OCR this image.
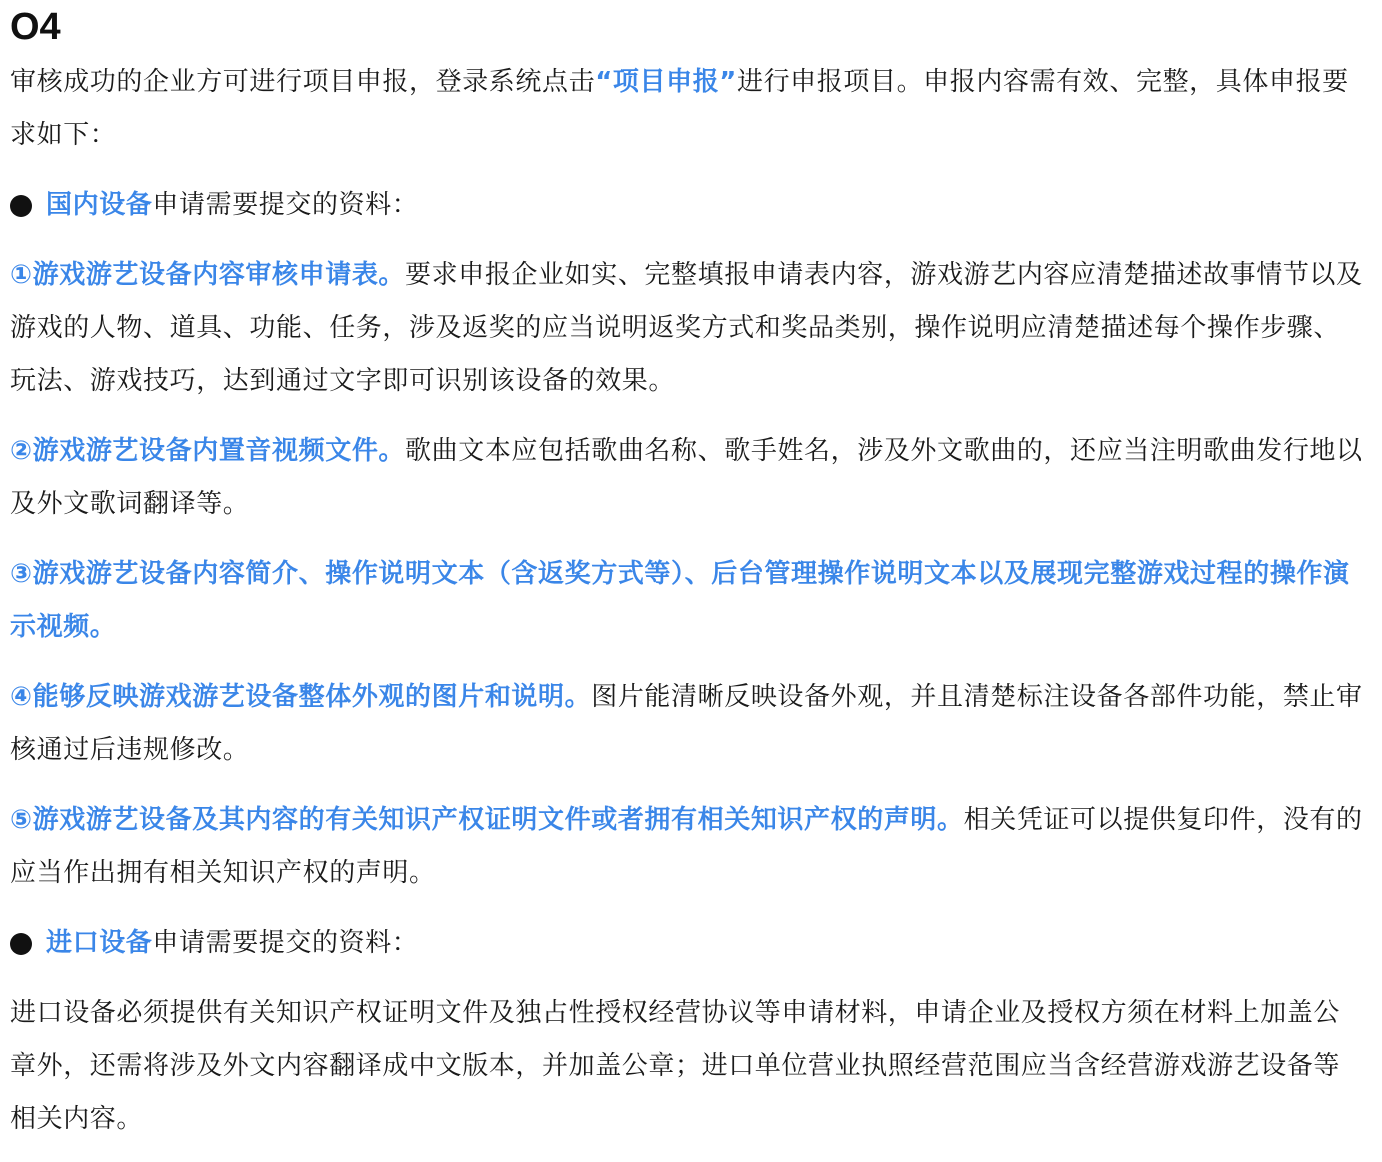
O4

审核成功的企业方可进行项目申报，登录系统点击“项目申报”进行申报项目。申报内容需有效、完整，具体申报要求如下：

国内设备申请需要提交的资料：

①游戏游艺设备内容审核申请表。要求申报企业如实、完整填报申请表内容，游戏游艺内容应清楚描述故事情节以及游戏的人物、道具、功能、任务，涉及返奖的应当说明返奖方式和奖品类别，操作说明应清楚描述每个操作步骤、玩法、游戏技巧，达到通过文字即可识别该设备的效果。

②游戏游艺设备内置音视频文件。歌曲文本应包括歌曲名称、歌手姓名，涉及外文歌曲的，还应当注明歌曲发行地以及外文歌词翻译等。

③游戏游艺设备内容简介、操作说明文本（含返奖方式等）、后台管理操作说明文本以及展现完整游戏过程的操作演示视频。

④能够反映游戏游艺设备整体外观的图片和说明。图片能清晰反映设备外观，并且清楚标注设备各部件功能，禁止审核通过后违规修改。

⑤游戏游艺设备及其内容的有关知识产权证明文件或者拥有相关知识产权的声明。相关凭证可以提供复印件，没有的应当作出拥有相关知识产权的声明。

进口设备申请需要提交的资料：

进口设备必须提供有关知识产权证明文件及独占性授权经营协议等申请材料，申请企业及授权方须在材料上加盖公章外，还需将涉及外文内容翻译成中文版本，并加盖公章；进口单位营业执照经营范围应当含经营游戏游艺设备等相关内容。
